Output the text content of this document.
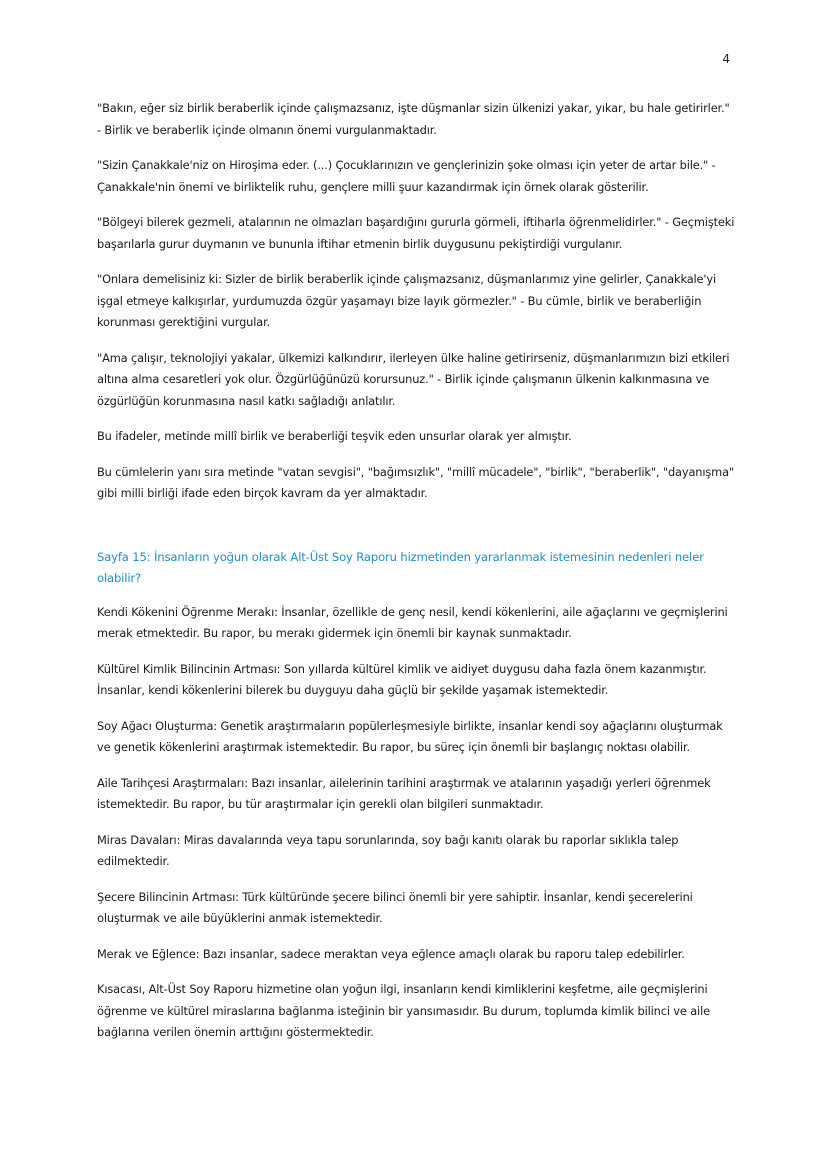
4

"Bakın, eğer siz birlik beraberlik içinde çalışmazsanız, işte düşmanlar sizin ülkenizi yakar, yıkar, bu hale getirirler." - Birlik ve beraberlik içinde olmanın önemi vurgulanmaktadır.

"Sizin Çanakkale'niz on Hiroşima eder. (...) Çocuklarınızın ve gençlerinizin şoke olması için yeter de artar bile." - Çanakkale'nin önemi ve birliktelik ruhu, gençlere milli şuur kazandırmak için örnek olarak gösterilir.

"Bölgeyi bilerek gezmeli, atalarının ne olmazları başardığını gururla görmeli, iftiharla öğrenmelidirler." - Geçmişteki başarılarla gurur duymanın ve bununla iftihar etmenin birlik duygusunu pekiştirdiği vurgulanır.

"Onlara demelisiniz ki: Sizler de birlik beraberlik içinde çalışmazsanız, düşmanlarımız yine gelirler, Çanakkale'yi işgal etmeye kalkışırlar, yurdumuzda özgür yaşamayı bize layık görmezler." - Bu cümle, birlik ve beraberliğin korunması gerektiğini vurgular.

"Ama çalışır, teknolojiyi yakalar, ülkemizi kalkındırır, ilerleyen ülke haline getirirseniz, düşmanlarımızın bizi etkileri altına alma cesaretleri yok olur. Özgürlüğünüzü korursunuz." - Birlik içinde çalışmanın ülkenin kalkınmasına ve özgürlüğün korunmasına nasıl katkı sağladığı anlatılır.

Bu ifadeler, metinde millî birlik ve beraberliği teşvik eden unsurlar olarak yer almıştır.

Bu cümlelerin yanı sıra metinde "vatan sevgisi", "bağımsızlık", "millî mücadele", "birlik", "beraberlik", "dayanışma" gibi milli birliği ifade eden birçok kavram da yer almaktadır.

Sayfa 15: İnsanların yoğun olarak Alt-Üst Soy Raporu hizmetinden yararlanmak istemesinin nedenleri neler olabilir?

Kendi Kökenini Öğrenme Merakı: İnsanlar, özellikle de genç nesil, kendi kökenlerini, aile ağaçlarını ve geçmişlerini merak etmektedir. Bu rapor, bu merakı gidermek için önemli bir kaynak sunmaktadır.

Kültürel Kimlik Bilincinin Artması: Son yıllarda kültürel kimlik ve aidiyet duygusu daha fazla önem kazanmıştır. İnsanlar, kendi kökenlerini bilerek bu duyguyu daha güçlü bir şekilde yaşamak istemektedir.

Soy Ağacı Oluşturma: Genetik araştırmaların popülerleşmesiyle birlikte, insanlar kendi soy ağaçlarını oluşturmak ve genetik kökenlerini araştırmak istemektedir. Bu rapor, bu süreç için önemli bir başlangıç noktası olabilir.

Aile Tarihçesi Araştırmaları: Bazı insanlar, ailelerinin tarihini araştırmak ve atalarının yaşadığı yerleri öğrenmek istemektedir. Bu rapor, bu tür araştırmalar için gerekli olan bilgileri sunmaktadır.

Miras Davaları: Miras davalarında veya tapu sorunlarında, soy bağı kanıtı olarak bu raporlar sıklıkla talep edilmektedir.

Şecere Bilincinin Artması: Türk kültüründe şecere bilinci önemli bir yere sahiptir. İnsanlar, kendi şecerelerini oluşturmak ve aile büyüklerini anmak istemektedir.

Merak ve Eğlence: Bazı insanlar, sadece meraktan veya eğlence amaçlı olarak bu raporu talep edebilirler.

Kısacası, Alt-Üst Soy Raporu hizmetine olan yoğun ilgi, insanların kendi kimliklerini keşfetme, aile geçmişlerini öğrenme ve kültürel miraslarına bağlanma isteğinin bir yansımasıdır. Bu durum, toplumda kimlik bilinci ve aile bağlarına verilen önemin arttığını göstermektedir.
